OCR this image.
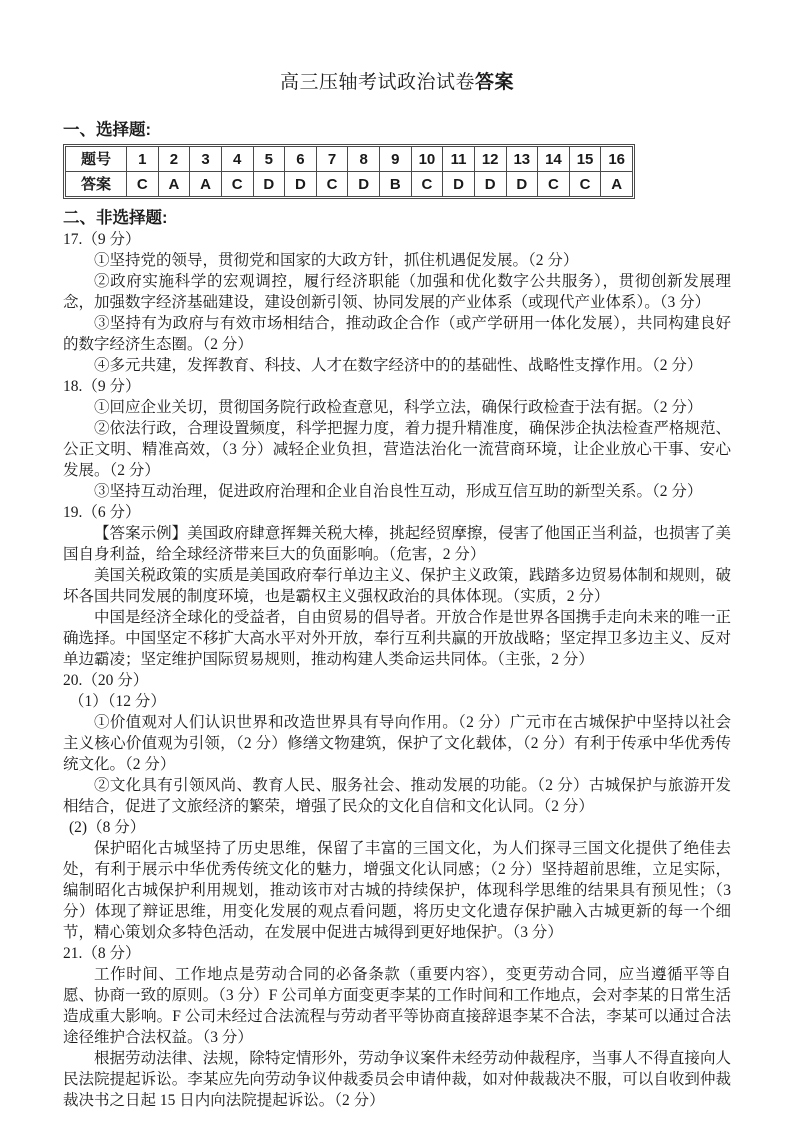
高三压轴考试政治试卷答案
一、选择题:
题号	1	2	3	4	5	6	7	8	9	10	11	12	13	14	15	16
答案	C	A	A	C	D	D	C	D	B	C	D	D	D	C	C	A
二、非选择题:
17.（9 分）
①坚持党的领导，贯彻党和国家的大政方针，抓住机遇促发展。（2 分）
②政府实施科学的宏观调控，履行经济职能（加强和优化数字公共服务），贯彻创新发展理念，加强数字经济基础建设，建设创新引领、协同发展的产业体系（或现代产业体系）。（3 分）
③坚持有为政府与有效市场相结合，推动政企合作（或产学研用一体化发展），共同构建良好的数字经济生态圈。（2 分）
④多元共建，发挥教育、科技、人才在数字经济中的的基础性、战略性支撑作用。（2 分）
18.（9 分）
①回应企业关切，贯彻国务院行政检查意见，科学立法，确保行政检查于法有据。（2 分）
②依法行政，合理设置频度，科学把握力度，着力提升精准度，确保涉企执法检查严格规范、公正文明、精准高效，（3 分）减轻企业负担，营造法治化一流营商环境，让企业放心干事、安心发展。（2 分）
③坚持互动治理，促进政府治理和企业自治良性互动，形成互信互助的新型关系。（2 分）
19.（6 分）
【答案示例】美国政府肆意挥舞关税大棒，挑起经贸摩擦，侵害了他国正当利益，也损害了美国自身利益，给全球经济带来巨大的负面影响。（危害，2 分）
美国关税政策的实质是美国政府奉行单边主义、保护主义政策，践踏多边贸易体制和规则，破坏各国共同发展的制度环境，也是霸权主义强权政治的具体体现。（实质，2 分）
中国是经济全球化的受益者，自由贸易的倡导者。开放合作是世界各国携手走向未来的唯一正确选择。中国坚定不移扩大高水平对外开放，奉行互利共赢的开放战略；坚定捍卫多边主义、反对单边霸凌；坚定维护国际贸易规则，推动构建人类命运共同体。（主张，2 分）
20.（20 分）
（1）（12 分）
①价值观对人们认识世界和改造世界具有导向作用。（2 分）广元市在古城保护中坚持以社会主义核心价值观为引领，（2 分）修缮文物建筑，保护了文化载体，（2 分）有利于传承中华优秀传统文化。（2 分）
②文化具有引领风尚、教育人民、服务社会、推动发展的功能。（2 分）古城保护与旅游开发相结合，促进了文旅经济的繁荣，增强了民众的文化自信和文化认同。（2 分）
(2)（8 分）
保护昭化古城坚持了历史思维，保留了丰富的三国文化，为人们探寻三国文化提供了绝佳去处，有利于展示中华优秀传统文化的魅力，增强文化认同感；（2 分）坚持超前思维，立足实际，编制昭化古城保护利用规划，推动该市对古城的持续保护，体现科学思维的结果具有预见性；（3 分）体现了辩证思维，用变化发展的观点看问题，将历史文化遗存保护融入古城更新的每一个细节，精心策划众多特色活动，在发展中促进古城得到更好地保护。（3 分）
21.（8 分）
工作时间、工作地点是劳动合同的必备条款（重要内容），变更劳动合同，应当遵循平等自愿、协商一致的原则。（3 分）F 公司单方面变更李某的工作时间和工作地点，会对李某的日常生活造成重大影响。F 公司未经过合法流程与劳动者平等协商直接辞退李某不合法，李某可以通过合法途径维护合法权益。（3 分）
根据劳动法律、法规，除特定情形外，劳动争议案件未经劳动仲裁程序，当事人不得直接向人民法院提起诉讼。李某应先向劳动争议仲裁委员会申请仲裁，如对仲裁裁决不服，可以自收到仲裁裁决书之日起 15 日内向法院提起诉讼。（2 分）
